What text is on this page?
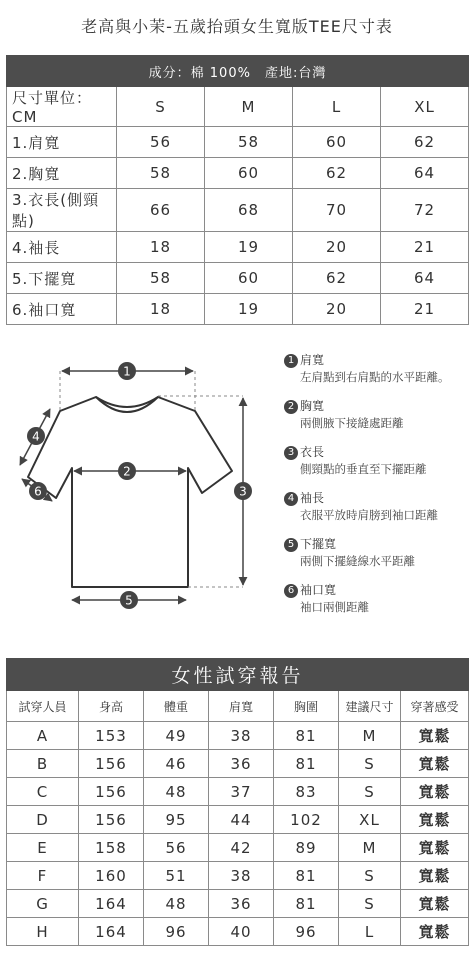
老高與小茉-五歲抬頭女生寬版TEE尺寸表
成分：棉 100%　產地:台灣				
尺寸單位：CM	S	M	L	XL
1.肩寬	56	58	60	62
2.胸寬	58	60	62	64
3.衣長(側頸點)	66	68	70	72
4.袖長	18	19	20	21
5.下擺寬	58	60	62	64
6.袖口寬	18	19	20	21
1
2
3
4
5
6
1 肩寬
左肩點到右肩點的水平距離。
2 胸寬
兩側腋下接縫處距離
3 衣長
側頸點的垂直至下擺距離
4 袖長
衣服平放時肩膀到袖口距離
5 下擺寬
兩側下擺縫線水平距離
6 袖口寬
袖口兩側距離
女性試穿報告						
試穿人員	身高	體重	肩寬	胸圍	建議尺寸	穿著感受
A	153	49	38	81	M	寬鬆
B	156	46	36	81	S	寬鬆
C	156	48	37	83	S	寬鬆
D	156	95	44	102	XL	寬鬆
E	158	56	42	89	M	寬鬆
F	160	51	38	81	S	寬鬆
G	164	48	36	81	S	寬鬆
H	164	96	40	96	L	寬鬆
